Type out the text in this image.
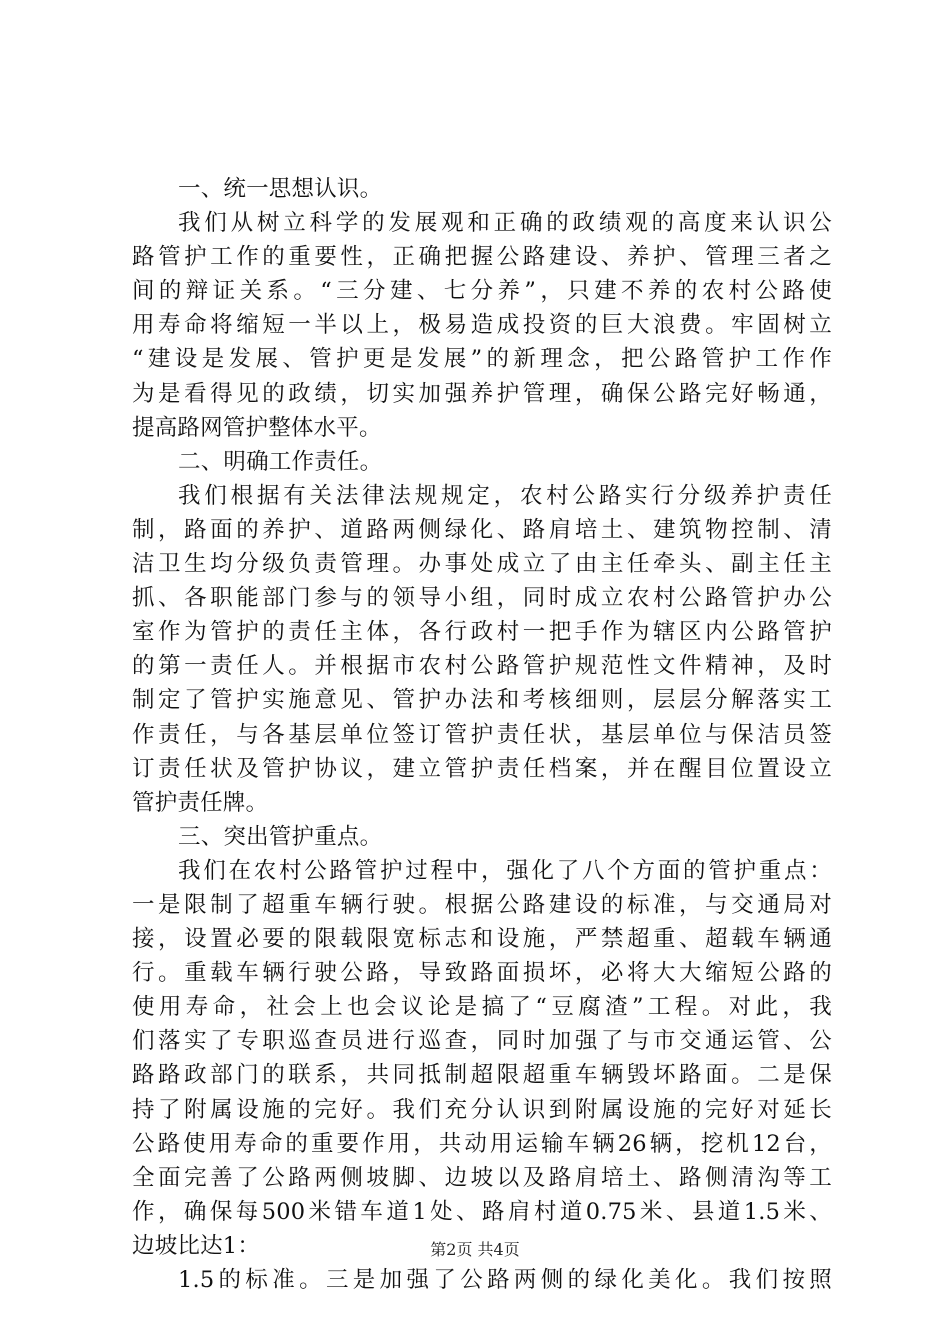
一、统一思想认识。
我们从树立科学的发展观和正确的政绩观的高度来认识公
路管护工作的重要性，正确把握公路建设、养护、管理三者之
间的辩证关系。“三分建、七分养”，只建不养的农村公路使
用寿命将缩短一半以上，极易造成投资的巨大浪费。牢固树立
“建设是发展、管护更是发展”的新理念，把公路管护工作作
为是看得见的政绩，切实加强养护管理，确保公路完好畅通，
提高路网管护整体水平。
二、明确工作责任。
我们根据有关法律法规规定，农村公路实行分级养护责任
制，路面的养护、道路两侧绿化、路肩培土、建筑物控制、清
洁卫生均分级负责管理。办事处成立了由主任牵头、副主任主
抓、各职能部门参与的领导小组，同时成立农村公路管护办公
室作为管护的责任主体，各行政村一把手作为辖区内公路管护
的第一责任人。并根据市农村公路管护规范性文件精神，及时
制定了管护实施意见、管护办法和考核细则，层层分解落实工
作责任，与各基层单位签订管护责任状，基层单位与保洁员签
订责任状及管护协议，建立管护责任档案，并在醒目位置设立
管护责任牌。
三、突出管护重点。
我们在农村公路管护过程中，强化了八个方面的管护重点：
一是限制了超重车辆行驶。根据公路建设的标准，与交通局对
接，设置必要的限载限宽标志和设施，严禁超重、超载车辆通
行。重载车辆行驶公路，导致路面损坏，必将大大缩短公路的
使用寿命，社会上也会议论是搞了“豆腐渣”工程。对此，我
们落实了专职巡查员进行巡查，同时加强了与市交通运管、公
路路政部门的联系，共同抵制超限超重车辆毁坏路面。二是保
持了附属设施的完好。我们充分认识到附属设施的完好对延长
公路使用寿命的重要作用，共动用运输车辆26辆，挖机12台，
全面完善了公路两侧坡脚、边坡以及路肩培土、路侧清沟等工
作，确保每500米错车道1处、路肩村道0.75米、县道1.5米、
边坡比达1：
1.5的标准。三是加强了公路两侧的绿化美化。我们按照
第2页 共4页
